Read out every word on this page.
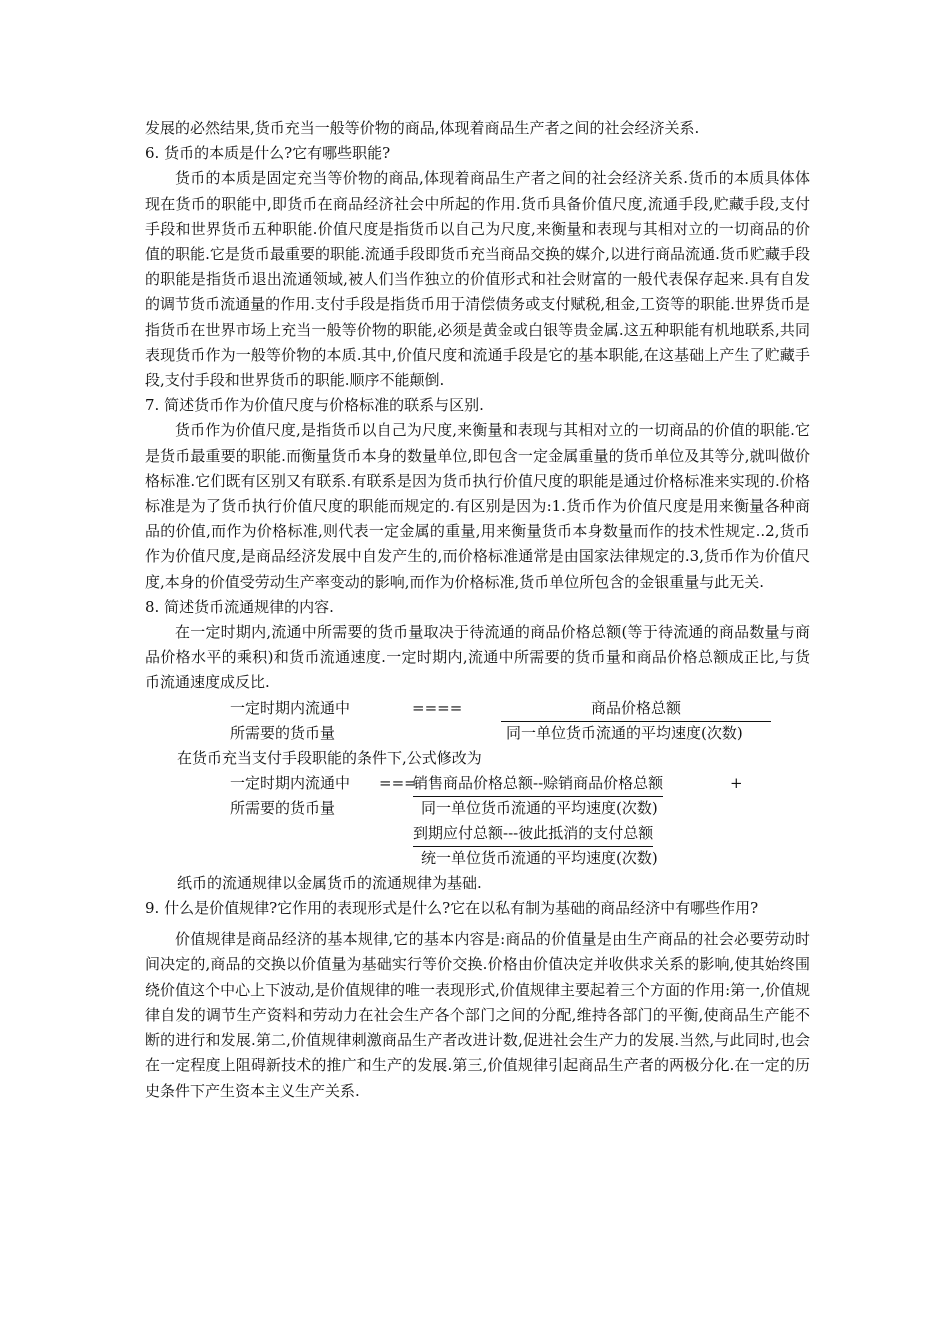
发展的必然结果,货币充当一般等价物的商品,体现着商品生产者之间的社会经济关系.

6. 货币的本质是什么?它有哪些职能?

货币的本质是固定充当等价物的商品,体现着商品生产者之间的社会经济关系.货币的本质具体体现在货币的职能中,即货币在商品经济社会中所起的作用.货币具备价值尺度,流通手段,贮藏手段,支付手段和世界货币五种职能.价值尺度是指货币以自己为尺度,来衡量和表现与其相对立的一切商品的价值的职能.它是货币最重要的职能.流通手段即货币充当商品交换的媒介,以进行商品流通.货币贮藏手段的职能是指货币退出流通领域,被人们当作独立的价值形式和社会财富的一般代表保存起来.具有自发的调节货币流通量的作用.支付手段是指货币用于清偿债务或支付赋税,租金,工资等的职能.世界货币是指货币在世界市场上充当一般等价物的职能,必须是黄金或白银等贵金属.这五种职能有机地联系,共同表现货币作为一般等价物的本质.其中,价值尺度和流通手段是它的基本职能,在这基础上产生了贮藏手段,支付手段和世界货币的职能.顺序不能颠倒.

7. 简述货币作为价值尺度与价格标准的联系与区别.

货币作为价值尺度,是指货币以自己为尺度,来衡量和表现与其相对立的一切商品的价值的职能.它是货币最重要的职能.而衡量货币本身的数量单位,即包含一定金属重量的货币单位及其等分,就叫做价格标准.它们既有区别又有联系.有联系是因为货币执行价值尺度的职能是通过价格标准来实现的.价格标准是为了货币执行价值尺度的职能而规定的.有区别是因为:1.货币作为价值尺度是用来衡量各种商品的价值,而作为价格标准,则代表一定金属的重量,用来衡量货币本身数量而作的技术性规定..2,货币作为价值尺度,是商品经济发展中自发产生的,而价格标准通常是由国家法律规定的.3,货币作为价值尺度,本身的价值受劳动生产率变动的影响,而作为价格标准,货币单位所包含的金银重量与此无关.

8. 简述货币流通规律的内容.

在一定时期内,流通中所需要的货币量取决于待流通的商品价格总额(等于待流通的商品数量与商品价格水平的乘积)和货币流通速度.一定时期内,流通中所需要的货币量和商品价格总额成正比,与货币流通速度成反比.

一定时期内流通中
所需要的货币量
====	商品价格总额
同一单位货币流通的平均速度(次数)

在货币充当支付手段职能的条件下,公式修改为

一定时期内流通中
所需要的货币量
===
销售商品价格总额--赊销商品价格总额	+
同一单位货币流通的平均速度(次数)
到期应付总额---彼此抵消的支付总额
统一单位货币流通的平均速度(次数)

纸币的流通规律以金属货币的流通规律为基础.

9. 什么是价值规律?它作用的表现形式是什么?它在以私有制为基础的商品经济中有哪些作用?

价值规律是商品经济的基本规律,它的基本内容是:商品的价值量是由生产商品的社会必要劳动时间决定的,商品的交换以价值量为基础实行等价交换.价格由价值决定并收供求关系的影响,使其始终围绕价值这个中心上下波动,是价值规律的唯一表现形式,价值规律主要起着三个方面的作用:第一,价值规律自发的调节生产资料和劳动力在社会生产各个部门之间的分配,维持各部门的平衡,使商品生产能不断的进行和发展.第二,价值规律刺激商品生产者改进计数,促进社会生产力的发展.当然,与此同时,也会在一定程度上阻碍新技术的推广和生产的发展.第三,价值规律引起商品生产者的两极分化.在一定的历史条件下产生资本主义生产关系.
